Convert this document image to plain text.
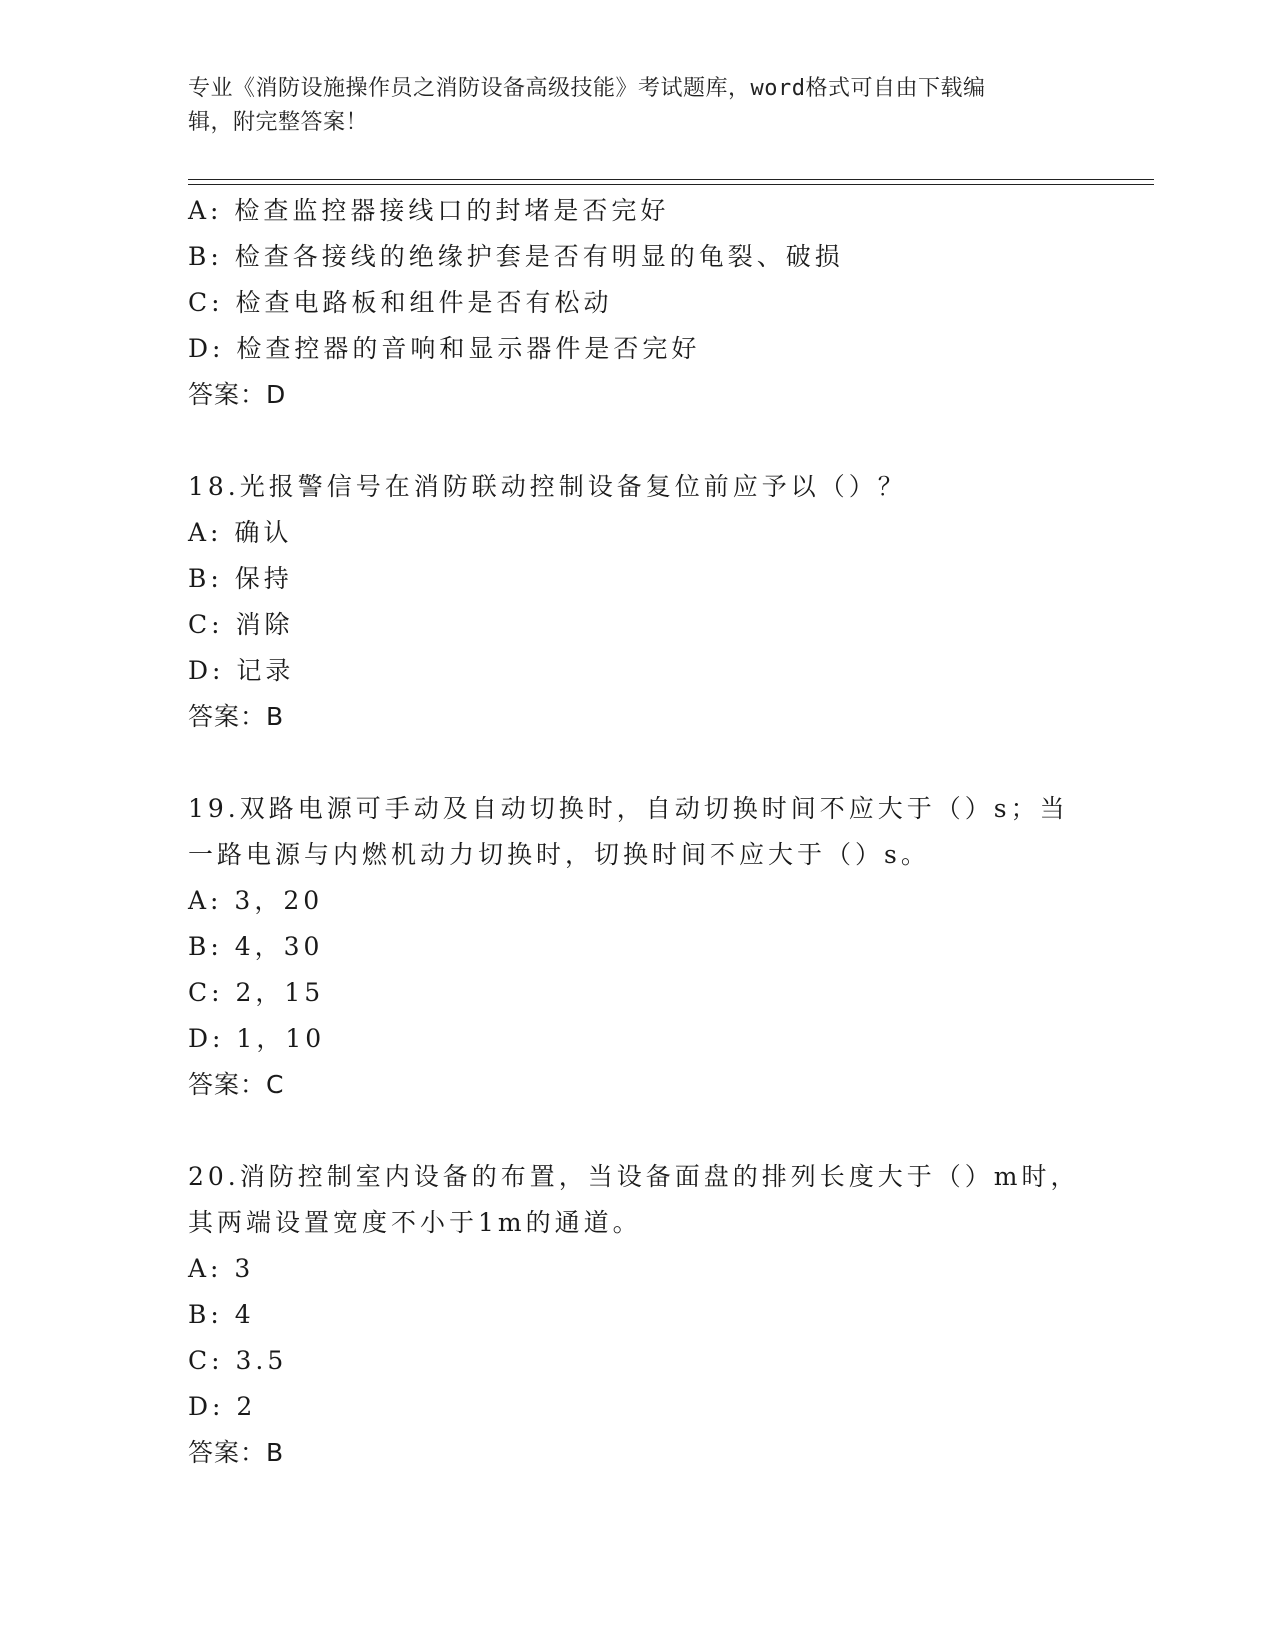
专业《消防设施操作员之消防设备高级技能》考试题库，word格式可自由下载编
辑，附完整答案！
A: 检查监控器接线口的封堵是否完好
B: 检查各接线的绝缘护套是否有明显的龟裂、破损
C: 检查电路板和组件是否有松动
D: 检查控器的音响和显示器件是否完好
答案：D
18.光报警信号在消防联动控制设备复位前应予以（）？
A: 确认
B: 保持
C: 消除
D: 记录
答案：B
19.双路电源可手动及自动切换时，自动切换时间不应大于（）s；当
一路电源与内燃机动力切换时，切换时间不应大于（）s。
A: 3，20
B: 4，30
C: 2，15
D: 1，10
答案：C
20.消防控制室内设备的布置，当设备面盘的排列长度大于（）m时，
其两端设置宽度不小于1m的通道。
A: 3
B: 4
C: 3.5
D: 2
答案：B
